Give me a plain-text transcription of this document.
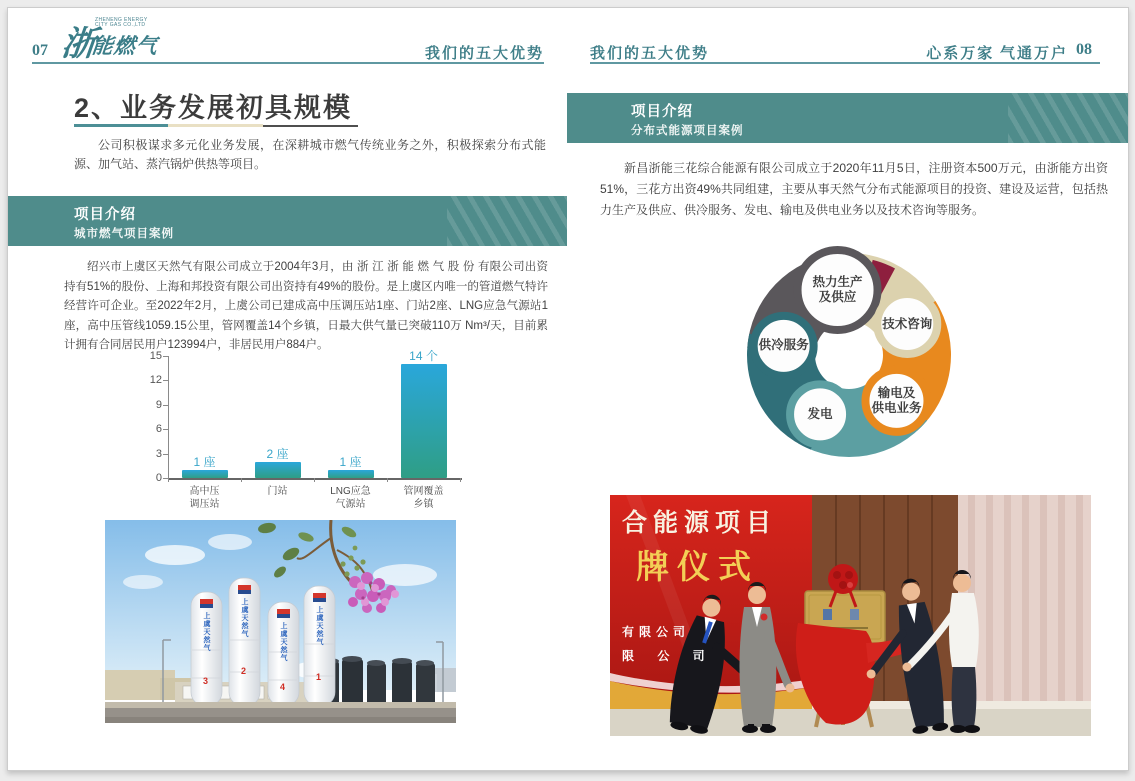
07 浙
ZHENENG ENERGY
CITY GAS CO.,LTD
能燃气	我们的五大优势	我们的五大优势	心系万家 气通万户 08
2、业务发展初具规模

公司积极谋求多元化业务发展，在深耕城市燃气传统业务之外，积极探索分布式能源、加气站、蒸汽锅炉供热等项目。

项目介绍
城市燃气项目案例

绍兴市上虞区天然气有限公司成立于2004年3月，由 浙 江 浙 能 燃 气 股 份 有限公司出资持有51%的股份、上海和邦投资有限公司出资持有49%的股份。是上虞区内唯一的管道燃气特许经营许可企业。至2022年2月，上虞公司已建成高中压调压站1座、门站2座、LNG应急气源站1座，高中压管线1059.15公里，管网覆盖14个乡镇，日最大供气量已突破110万 Nm³/天，目前累计拥有合同居民用户123994户，非居民用户884户。

0
3
6
9
12
15
1 座
高中压
调压站
2 座
门站
1 座
LNG应急
气源站
14 个
管网覆盖
乡镇
上虞天然气	上虞天然气
上虞天然气	上虞天然气
3
2
4
1
项目介绍
分布式能源项目案例

新昌浙能三花综合能源有限公司成立于2020年11月5日，注册资本500万元，由浙能方出资51%，三花方出资49%共同组建，主要从事天然气分布式能源项目的投资、建设及运营，包括热力生产及供应、供冷服务、发电、输电及供电业务以及技术咨询等服务。

热力生产
及供应
技术咨询
输电及
供电业务
发电
供冷服务
合能源项目
牌仪式
有限公司
限 公 司
